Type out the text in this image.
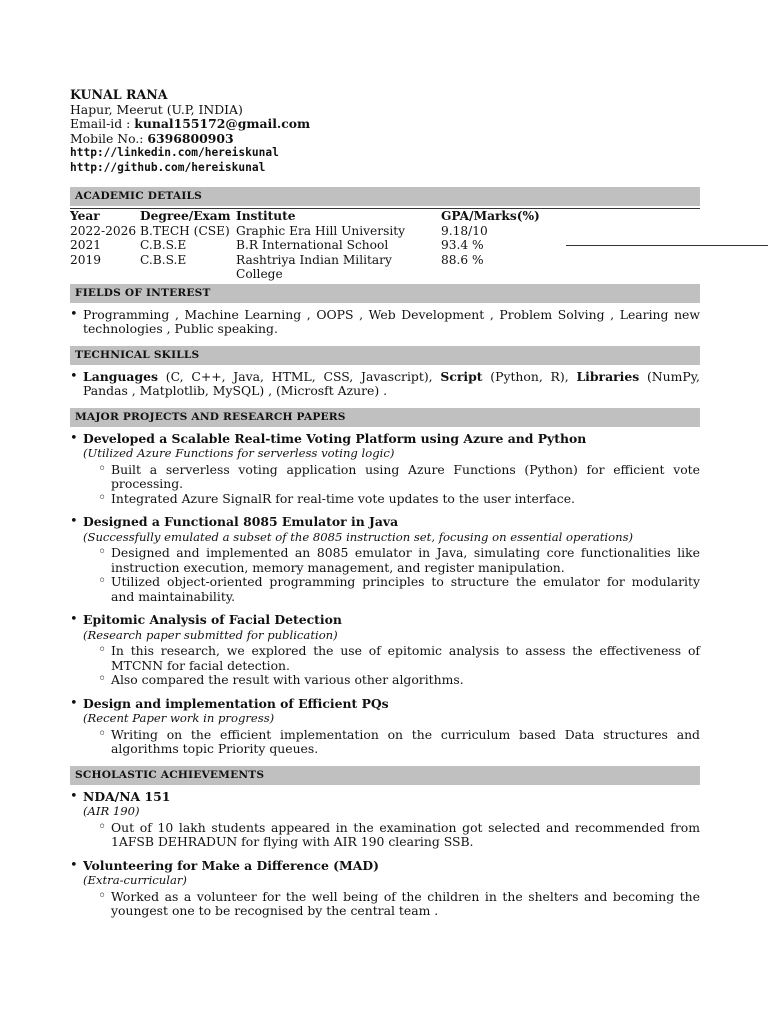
KUNAL RANA
Hapur, Meerut (U.P, INDIA)
Email-id : kunal155172@gmail.com
Mobile No.: 6396800903
http://linkedin.com/hereiskunal
http://github.com/hereiskunal
ACADEMIC DETAILS
Year	Degree/Exam	Institute	GPA/Marks(%)
2022-2026	B.TECH (CSE)	Graphic Era Hill University	9.18/10
2021	C.B.S.E	B.R International School	93.4 %
2019	C.B.S.E	Rashtriya Indian Military College	88.6 %
FIELDS OF INTEREST
• Programming , Machine Learning , OOPS , Web Development , Problem Solving , Learing new technologies , Public speaking.
TECHNICAL SKILLS
• Languages (C, C++, Java, HTML, CSS, Javascript), Script (Python, R), Libraries (NumPy, Pandas , Matplotlib, MySQL) , (Microsft Azure) .
MAJOR PROJECTS AND RESEARCH PAPERS
• Developed a Scalable Real-time Voting Platform using Azure and Python
(Utilized Azure Functions for serverless voting logic)
◦ Built a serverless voting application using Azure Functions (Python) for efficient vote processing.
◦ Integrated Azure SignalR for real-time vote updates to the user interface.
• Designed a Functional 8085 Emulator in Java
(Successfully emulated a subset of the 8085 instruction set, focusing on essential operations)
◦ Designed and implemented an 8085 emulator in Java, simulating core functionalities like instruction execution, memory management, and register manipulation.
◦ Utilized object-oriented programming principles to structure the emulator for modularity and maintainability.
• Epitomic Analysis of Facial Detection
(Research paper submitted for publication)
◦ In this research, we explored the use of epitomic analysis to assess the effectiveness of MTCNN for facial detection.
◦ Also compared the result with various other algorithms.
• Design and implementation of Efficient PQs
(Recent Paper work in progress)
◦ Writing on the efficient implementation on the curriculum based Data structures and algorithms topic Priority queues.
SCHOLASTIC ACHIEVEMENTS
• NDA/NA 151
(AIR 190)
◦ Out of 10 lakh students appeared in the examination got selected and recommended from 1AFSB DEHRADUN for flying with AIR 190 clearing SSB.
• Volunteering for Make a Difference (MAD)
(Extra-curricular)
◦ Worked as a volunteer for the well being of the children in the shelters and becoming the youngest one to be recognised by the central team .
